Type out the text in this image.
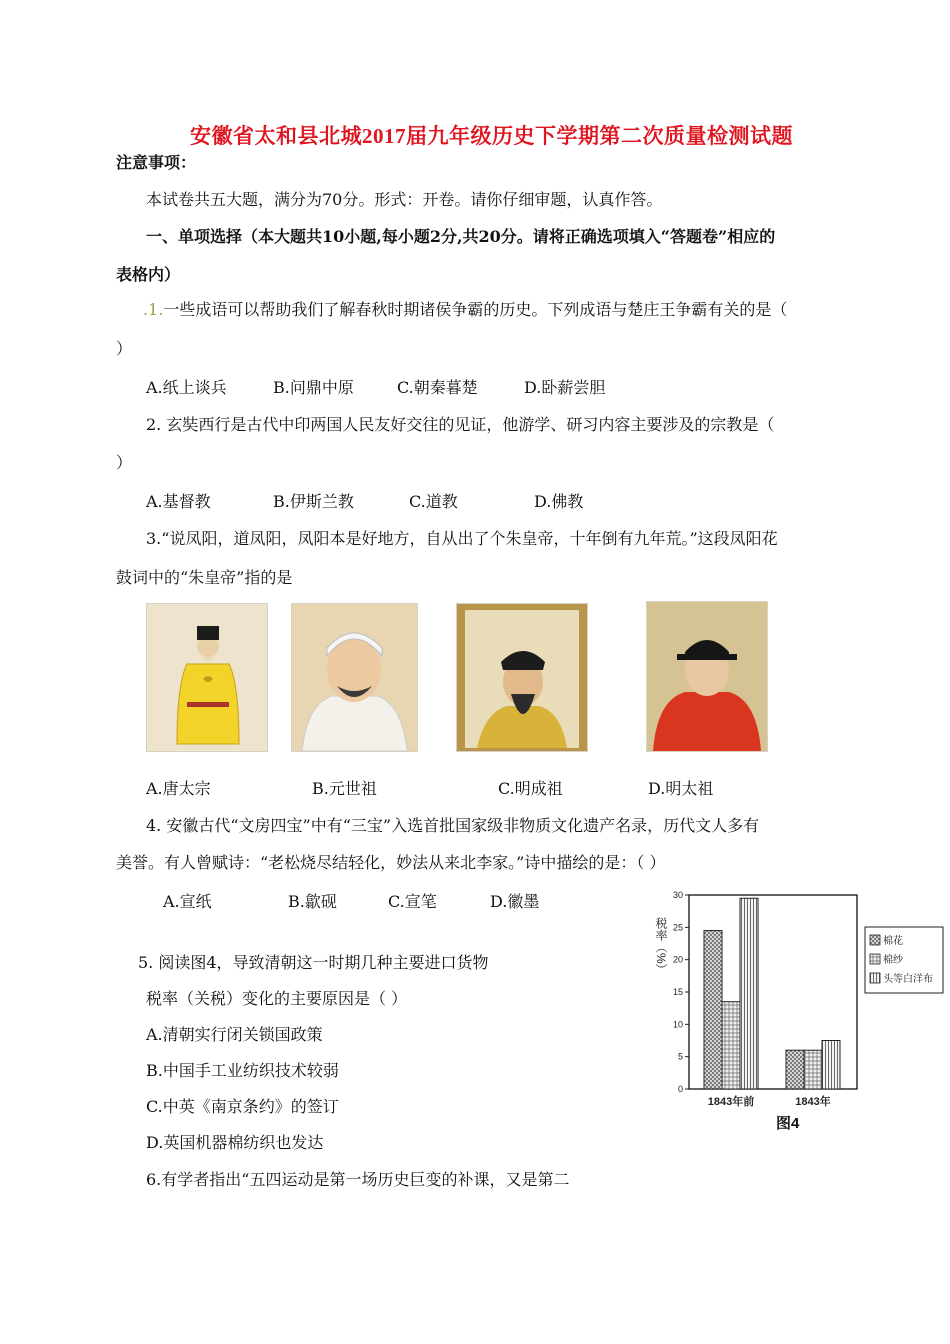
安徽省太和县北城2017届九年级历史下学期第二次质量检测试题
注意事项：
本试卷共五大题，满分为70分。形式：开卷。请你仔细审题，认真作答。
一、单项选择（本大题共10小题,每小题2分,共20分。请将正确选项填入“答题卷”相应的
表格内）
.1.一些成语可以帮助我们了解春秋时期诸侯争霸的历史。下列成语与楚庄王争霸有关的是（
）
A.纸上谈兵	B.问鼎中原	C.朝秦暮楚	D.卧薪尝胆
2. 玄奘西行是古代中印两国人民友好交往的见证，他游学、研习内容主要涉及的宗教是（
）
A.基督教	B.伊斯兰教	C.道教	D.佛教
3.“说凤阳，道凤阳，凤阳本是好地方，自从出了个朱皇帝，十年倒有九年荒。”这段凤阳花
鼓词中的“朱皇帝”指的是
A.唐太宗	B.元世祖	C.明成祖	D.明太祖
4. 安徽古代“文房四宝”中有“三宝”入选首批国家级非物质文化遗产名录，历代文人多有
美誉。有人曾赋诗：“老松烧尽结轻化，妙法从来北李家。”诗中描绘的是：（ ）
A.宣纸	B.歙砚	C.宣笔	D.徽墨
5. 阅读图4，导致清朝这一时期几种主要进口货物
税率（关税）变化的主要原因是（ ）
A.清朝实行闭关锁国政策
B.中国手工业纺织技术较弱
C.中英《南京条约》的签订
D.英国机器棉纺织也发达
6.有学者指出“五四运动是第一场历史巨变的补课，又是第二
税率（%）
0
5
10
15
20
25
30
1843年前	1843年
棉花
棉纱
头等白洋布
图4
